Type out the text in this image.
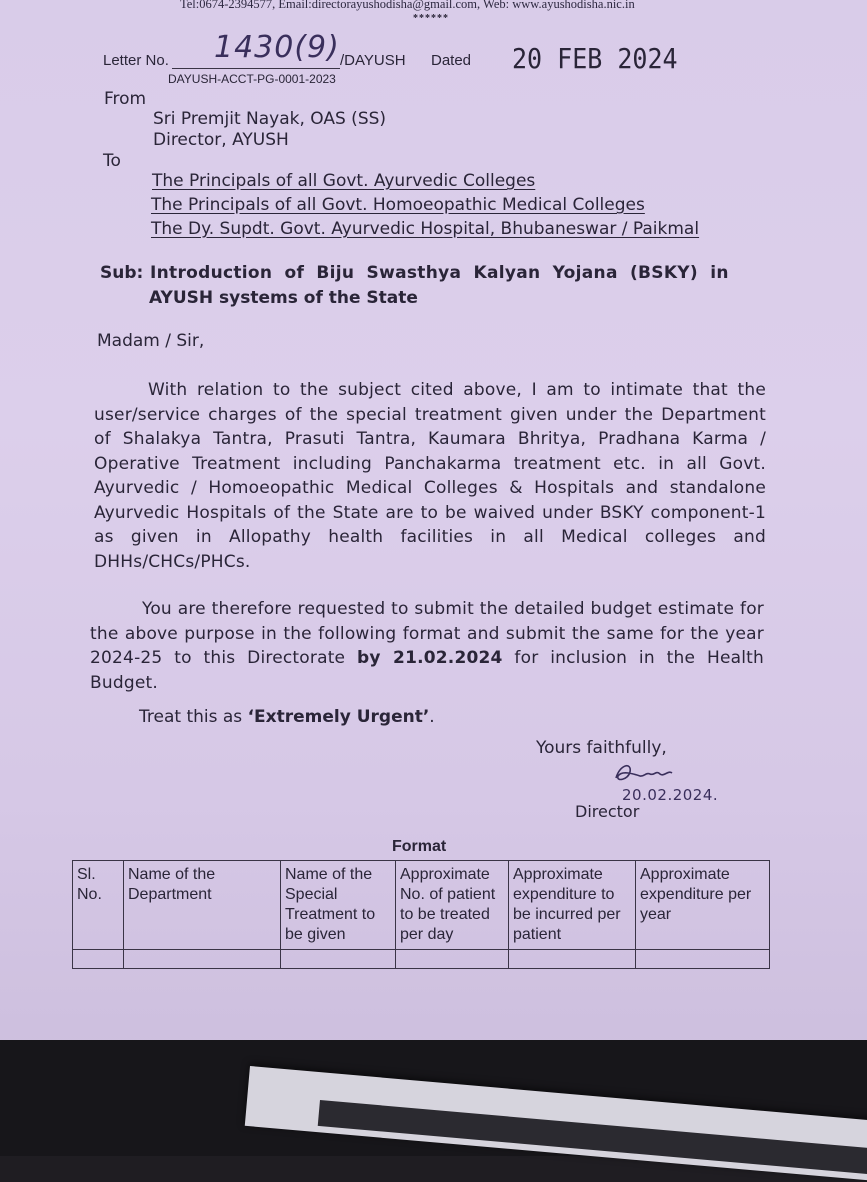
Tel:0674-2394577, Email:directorayushodisha@gmail.com, Web: www.ayushodisha.nic.in
******
Letter No. 1430(9) /DAYUSH Dated 20 FEB 2024
DAYUSH-ACCT-PG-0001-2023
From
Sri Premjit Nayak, OAS (SS)
Director, AYUSH
To
The Principals of all Govt. Ayurvedic Colleges
The Principals of all Govt. Homoeopathic Medical Colleges
The Dy. Supdt. Govt. Ayurvedic Hospital, Bhubaneswar / Paikmal
Sub: Introduction of Biju Swasthya Kalyan Yojana (BSKY) in
AYUSH systems of the State
Madam / Sir,
With relation to the subject cited above, I am to intimate that the user/service charges of the special treatment given under the Department of Shalakya Tantra, Prasuti Tantra, Kaumara Bhritya, Pradhana Karma / Operative Treatment including Panchakarma treatment etc. in all Govt. Ayurvedic / Homoeopathic Medical Colleges & Hospitals and standalone Ayurvedic Hospitals of the State are to be waived under BSKY component-1 as given in Allopathy health facilities in all Medical colleges and DHHs/CHCs/PHCs.
You are therefore requested to submit the detailed budget estimate for the above purpose in the following format and submit the same for the year 2024-25 to this Directorate by 21.02.2024 for inclusion in the Health Budget.
Treat this as ‘Extremely Urgent’.
Yours faithfully,
20.02.2024.
Director
Format
Sl. No.	Name of the Department	Name of the Special Treatment to be given	Approximate No. of patient to be treated per day	Approximate expenditure to be incurred per patient	Approximate expenditure per year
